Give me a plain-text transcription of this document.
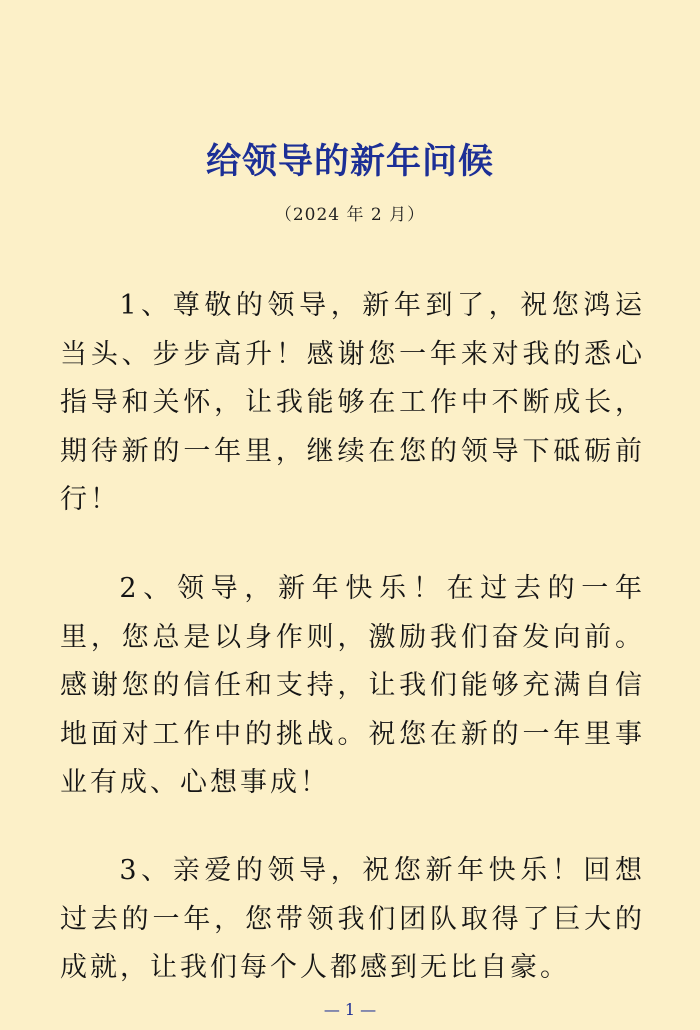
给领导的新年问候
（2024 年 2 月）
1、尊敬的领导，新年到了，祝您鸿运当头、步步高升！感谢您一年来对我的悉心指导和关怀，让我能够在工作中不断成长，期待新的一年里，继续在您的领导下砥砺前行！
2、领导，新年快乐！在过去的一年里，您总是以身作则，激励我们奋发向前。感谢您的信任和支持，让我们能够充满自信地面对工作中的挑战。祝您在新的一年里事业有成、心想事成！
3、亲爱的领导，祝您新年快乐！回想过去的一年，您带领我们团队取得了巨大的成就，让我们每个人都感到无比自豪。
— 1 —
